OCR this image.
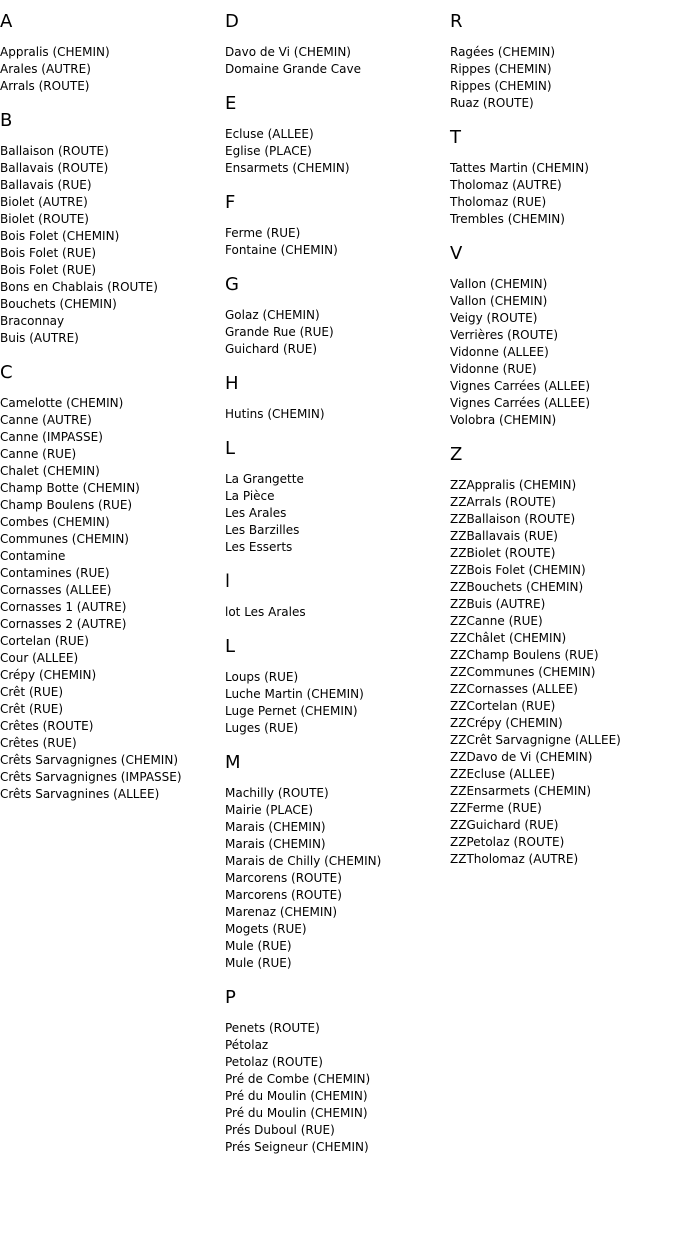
A
Appralis (CHEMIN)
Arales (AUTRE)
Arrals (ROUTE)
B
Ballaison (ROUTE)
Ballavais (ROUTE)
Ballavais (RUE)
Biolet (AUTRE)
Biolet (ROUTE)
Bois Folet (CHEMIN)
Bois Folet (RUE)
Bois Folet (RUE)
Bons en Chablais (ROUTE)
Bouchets (CHEMIN)
Braconnay
Buis (AUTRE)
C
Camelotte (CHEMIN)
Canne (AUTRE)
Canne (IMPASSE)
Canne (RUE)
Chalet (CHEMIN)
Champ Botte (CHEMIN)
Champ Boulens (RUE)
Combes (CHEMIN)
Communes (CHEMIN)
Contamine
Contamines (RUE)
Cornasses (ALLEE)
Cornasses 1 (AUTRE)
Cornasses 2 (AUTRE)
Cortelan (RUE)
Cour (ALLEE)
Crépy (CHEMIN)
Crêt (RUE)
Crêt (RUE)
Crêtes (ROUTE)
Crêtes (RUE)
Crêts Sarvagnignes (CHEMIN)
Crêts Sarvagnignes (IMPASSE)
Crêts Sarvagnines (ALLEE)
D
Davo de Vi (CHEMIN)
Domaine Grande Cave
E
Ecluse (ALLEE)
Eglise (PLACE)
Ensarmets (CHEMIN)
F
Ferme (RUE)
Fontaine (CHEMIN)
G
Golaz (CHEMIN)
Grande Rue (RUE)
Guichard (RUE)
H
Hutins (CHEMIN)
L
La Grangette
La Pièce
Les Arales
Les Barzilles
Les Esserts
l
lot Les Arales
L
Loups (RUE)
Luche Martin (CHEMIN)
Luge Pernet (CHEMIN)
Luges (RUE)
M
Machilly (ROUTE)
Mairie (PLACE)
Marais (CHEMIN)
Marais (CHEMIN)
Marais de Chilly (CHEMIN)
Marcorens (ROUTE)
Marcorens (ROUTE)
Marenaz (CHEMIN)
Mogets (RUE)
Mule (RUE)
Mule (RUE)
P
Penets (ROUTE)
Pétolaz
Petolaz (ROUTE)
Pré de Combe (CHEMIN)
Pré du Moulin (CHEMIN)
Pré du Moulin (CHEMIN)
Prés Duboul (RUE)
Prés Seigneur (CHEMIN)
R
Ragées (CHEMIN)
Rippes (CHEMIN)
Rippes (CHEMIN)
Ruaz (ROUTE)
T
Tattes Martin (CHEMIN)
Tholomaz (AUTRE)
Tholomaz (RUE)
Trembles (CHEMIN)
V
Vallon (CHEMIN)
Vallon (CHEMIN)
Veigy (ROUTE)
Verrières (ROUTE)
Vidonne (ALLEE)
Vidonne (RUE)
Vignes Carrées (ALLEE)
Vignes Carrées (ALLEE)
Volobra (CHEMIN)
Z
ZZAppralis (CHEMIN)
ZZArrals (ROUTE)
ZZBallaison (ROUTE)
ZZBallavais (RUE)
ZZBiolet (ROUTE)
ZZBois Folet (CHEMIN)
ZZBouchets (CHEMIN)
ZZBuis (AUTRE)
ZZCanne (RUE)
ZZChâlet (CHEMIN)
ZZChamp Boulens (RUE)
ZZCommunes (CHEMIN)
ZZCornasses (ALLEE)
ZZCortelan (RUE)
ZZCrépy (CHEMIN)
ZZCrêt Sarvagnigne (ALLEE)
ZZDavo de Vi (CHEMIN)
ZZEcluse (ALLEE)
ZZEnsarmets (CHEMIN)
ZZFerme (RUE)
ZZGuichard (RUE)
ZZPetolaz (ROUTE)
ZZTholomaz (AUTRE)
